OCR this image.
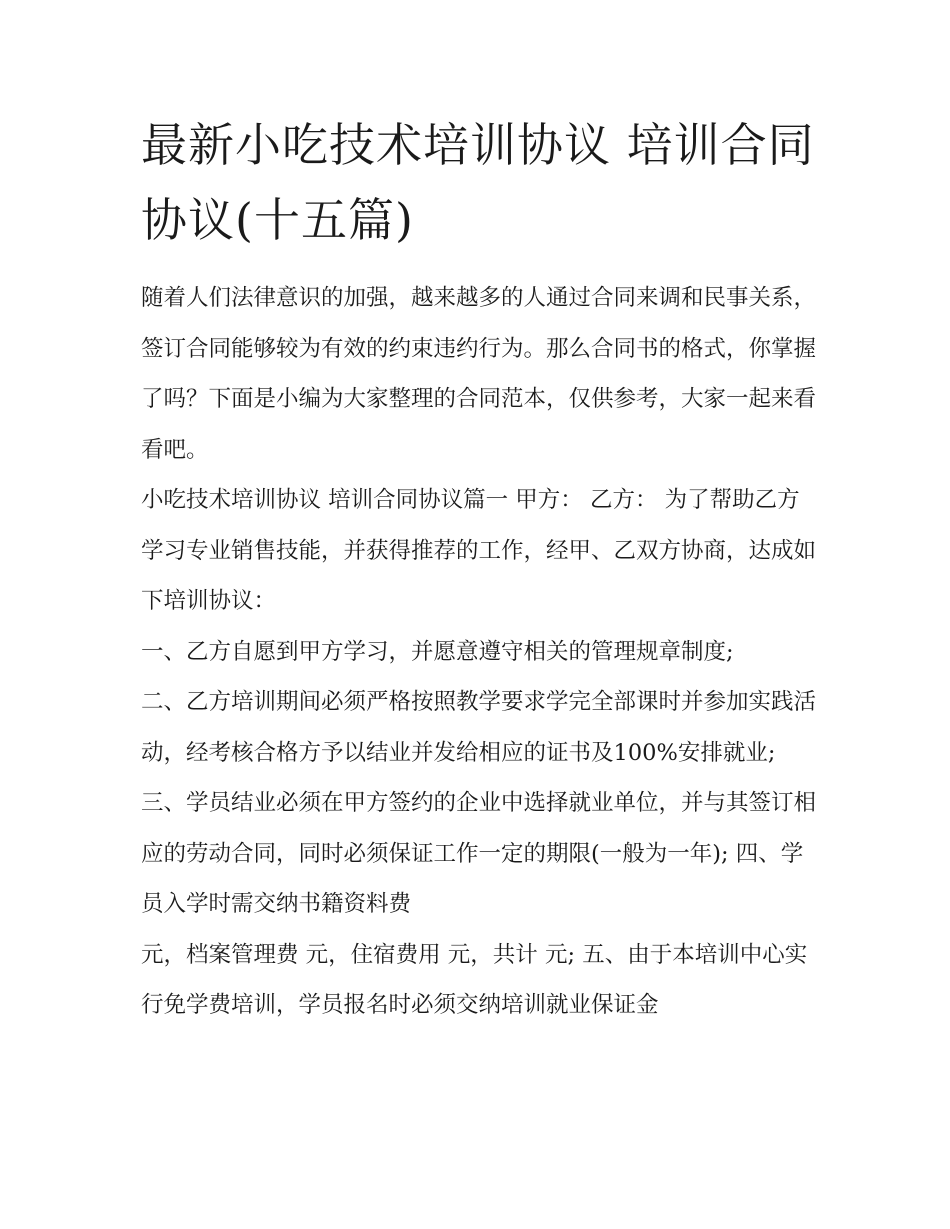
最新小吃技术培训协议 培训合同协议(十五篇)

随着人们法律意识的加强，越来越多的人通过合同来调和民事关系，签订合同能够较为有效的约束违约行为。那么合同书的格式，你掌握了吗？下面是小编为大家整理的合同范本，仅供参考，大家一起来看看吧。

小吃技术培训协议 培训合同协议篇一 甲方： 乙方： 为了帮助乙方学习专业销售技能，并获得推荐的工作，经甲、乙双方协商，达成如下培训协议：

一、乙方自愿到甲方学习，并愿意遵守相关的管理规章制度;

二、乙方培训期间必须严格按照教学要求学完全部课时并参加实践活动，经考核合格方予以结业并发给相应的证书及100%安排就业;

三、学员结业必须在甲方签约的企业中选择就业单位，并与其签订相应的劳动合同，同时必须保证工作一定的期限(一般为一年); 四、学员入学时需交纳书籍资料费

元，档案管理费 元，住宿费用 元，共计 元; 五、由于本培训中心实行免学费培训，学员报名时必须交纳培训就业保证金
